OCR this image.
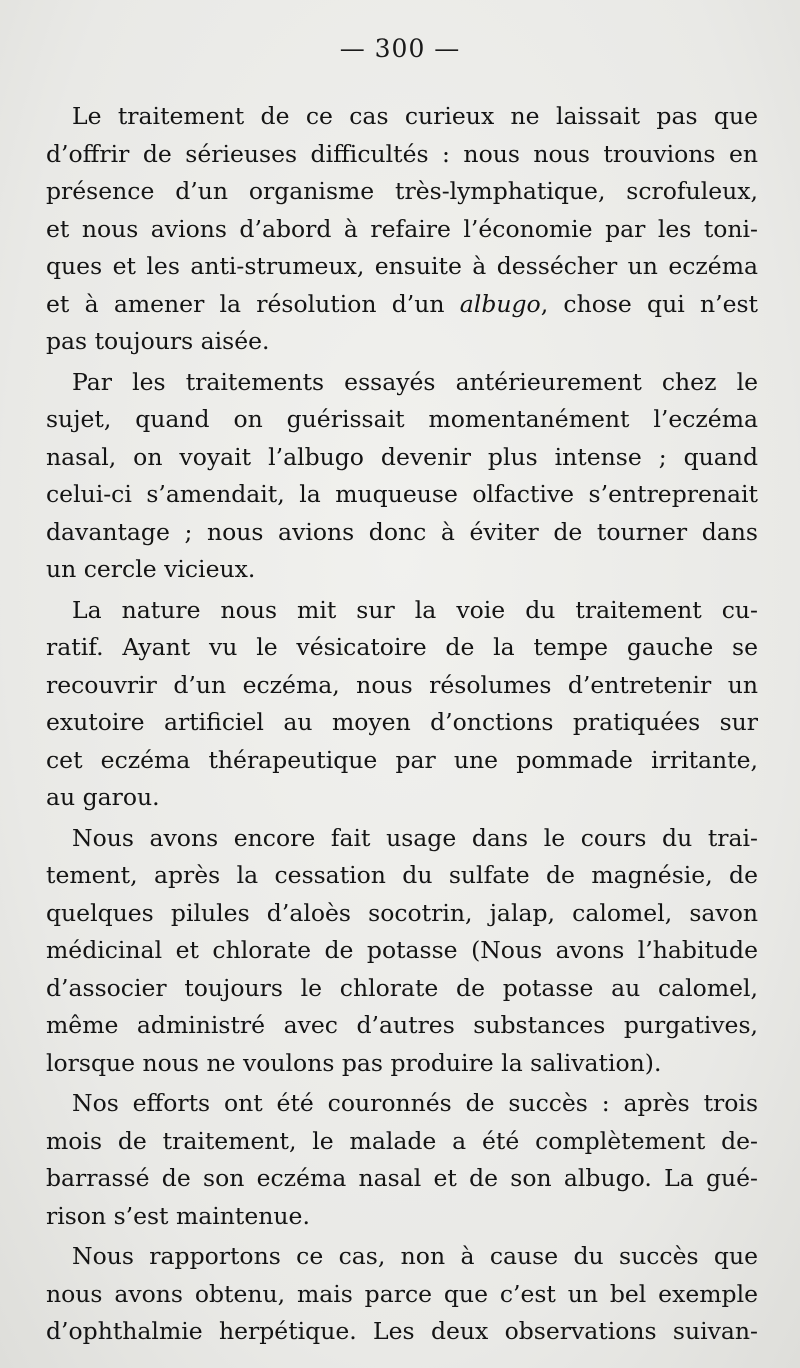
— 300 —
Le traitement de ce cas curieux ne laissait pas que
d’offrir de sérieuses difficultés : nous nous trouvions en
présence d’un organisme très-lymphatique, scrofuleux,
et nous avions d’abord à refaire l’économie par les toni-
ques et les anti-strumeux, ensuite à dessécher un eczéma
et à amener la résolution d’un albugo, chose qui n’est
pas toujours aisée.
Par les traitements essayés antérieurement chez le
sujet, quand on guérissait momentanément l’eczéma
nasal, on voyait l’albugo devenir plus intense ; quand
celui-ci s’amendait, la muqueuse olfactive s’entreprenait
davantage ; nous avions donc à éviter de tourner dans
un cercle vicieux.
La nature nous mit sur la voie du traitement cu-
ratif. Ayant vu le vésicatoire de la tempe gauche se
recouvrir d’un eczéma, nous résolumes d’entretenir un
exutoire artificiel au moyen d’onctions pratiquées sur
cet eczéma thérapeutique par une pommade irritante,
au garou.
Nous avons encore fait usage dans le cours du trai-
tement, après la cessation du sulfate de magnésie, de
quelques pilules d’aloès socotrin, jalap, calomel, savon
médicinal et chlorate de potasse (Nous avons l’habitude
d’associer toujours le chlorate de potasse au calomel,
même administré avec d’autres substances purgatives,
lorsque nous ne voulons pas produire la salivation).
Nos efforts ont été couronnés de succès : après trois
mois de traitement, le malade a été complètement de-
barrassé de son eczéma nasal et de son albugo. La gué-
rison s’est maintenue.
Nous rapportons ce cas, non à cause du succès que
nous avons obtenu, mais parce que c’est un bel exemple
d’ophthalmie herpétique. Les deux observations suivan-
